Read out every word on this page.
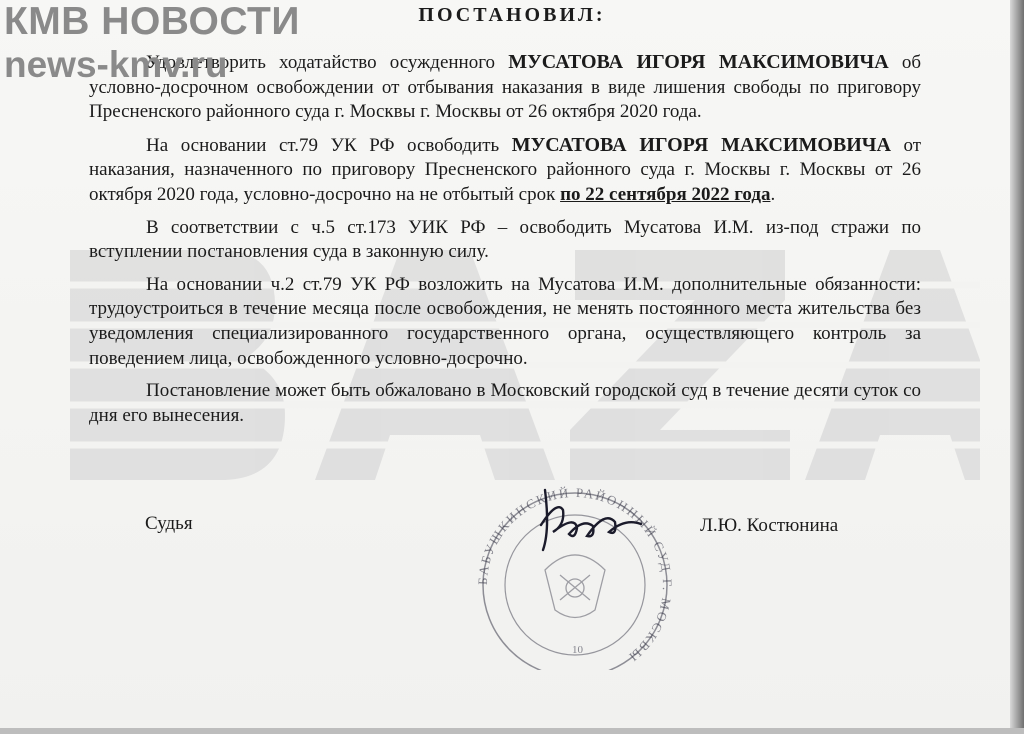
КМВ НОВОСТИ
news-kmv.ru
ПОСТАНОВИЛ:

Удовлетворить ходатайство осужденного МУСАТОВА ИГОРЯ МАКСИМОВИЧА об условно-досрочном освобождении от отбывания наказания в виде лишения свободы по приговору Пресненского районного суда г. Москвы г. Москвы от 26 октября 2020 года.

На основании ст.79 УК РФ освободить МУСАТОВА ИГОРЯ МАКСИМОВИЧА от наказания, назначенного по приговору Пресненского районного суда г. Москвы г. Москвы от 26 октября 2020 года, условно-досрочно на не отбытый срок по 22 сентября 2022 года.

В соответствии с ч.5 ст.173 УИК РФ – освободить Мусатова И.М. из-под стражи по вступлении постановления суда в законную силу.

На основании ч.2 ст.79 УК РФ возложить на Мусатова И.М. дополнительные обязанности: трудоустроиться в течение месяца после освобождения, не менять постоянного места жительства без уведомления специализированного государственного органа, осуществляющего контроль за поведением лица, освобожденного условно-досрочно.

Постановление может быть обжаловано в Московский городской суд в течение десяти суток со дня его вынесения.

Судья	Л.Ю. Костюнина
БАБУШКИНСКИЙ РАЙОННЫЙ СУД Г. МОСКВЫ
10
